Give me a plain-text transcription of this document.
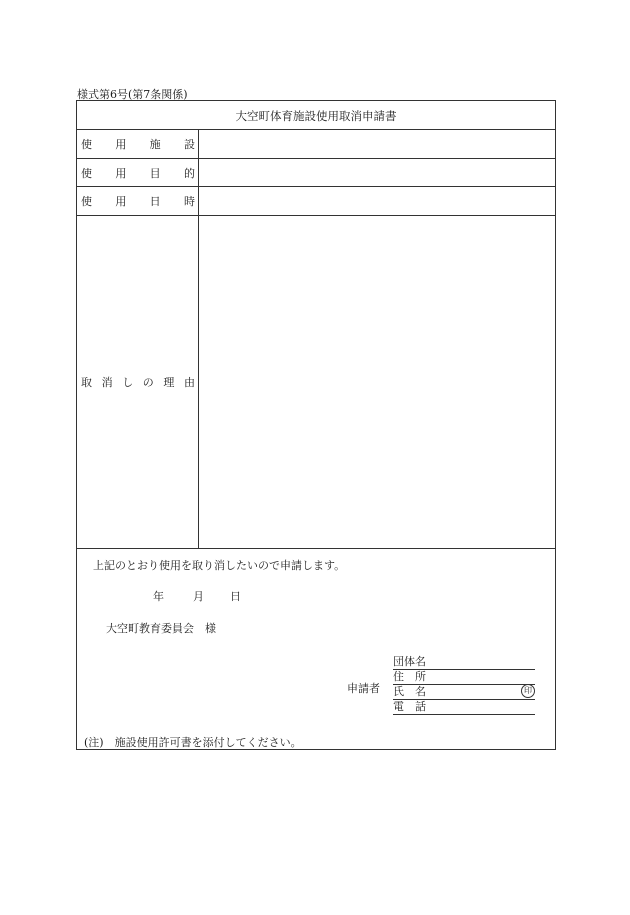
様式第6号(第7条関係)
大空町体育施設使用取消申請書
使 用 施 設
使 用 目 的
使 用 日 時
取 消 し の 理 由
上記のとおり使用を取り消したいので申請します。
年	月 日
大空町教育委員会　様
申請者
団体名
住　所
氏　名	印
電　話
(注)　施設使用許可書を添付してください。
